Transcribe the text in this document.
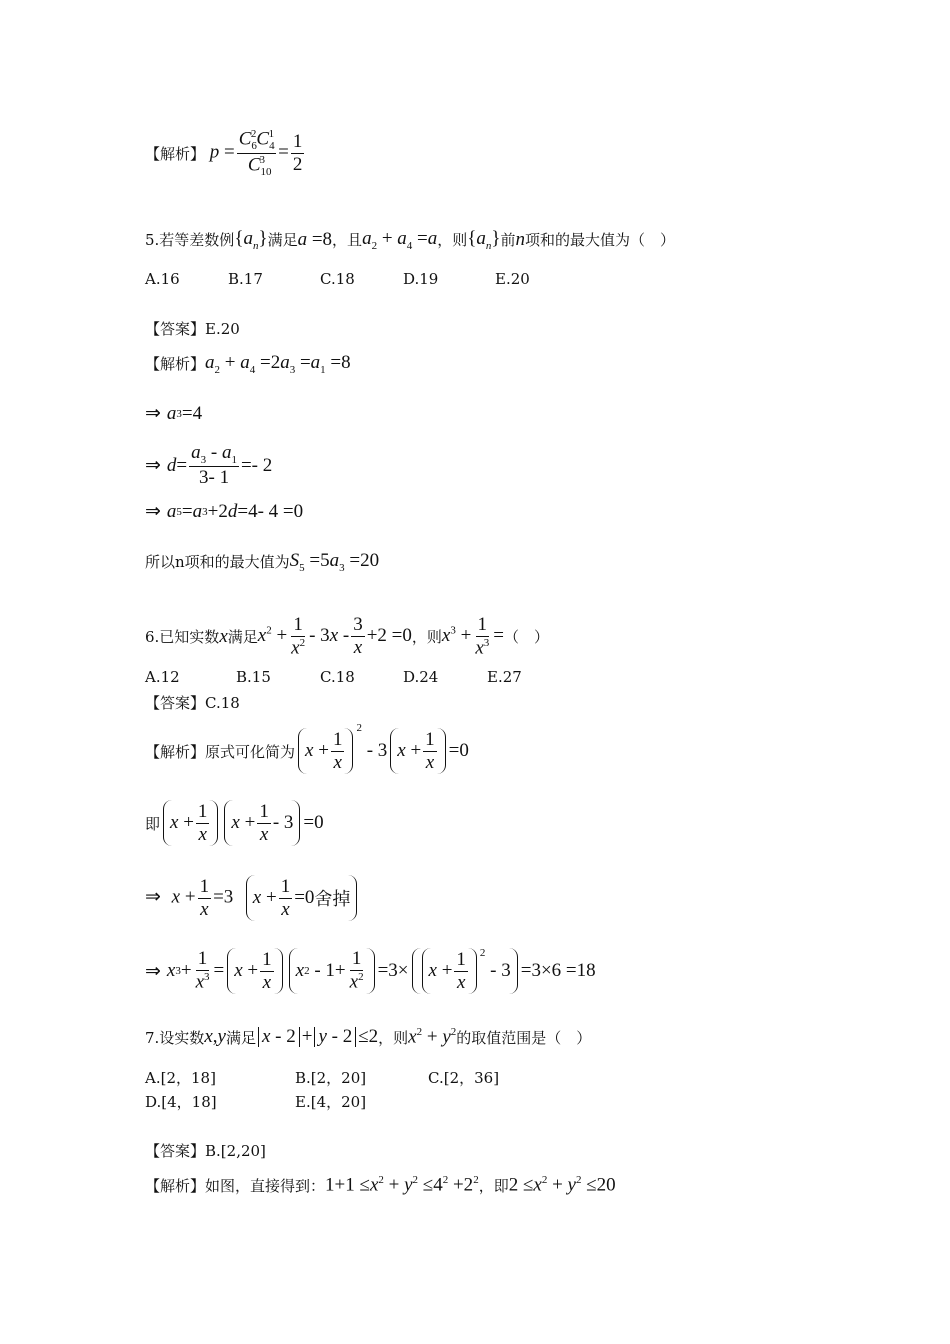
【解析】 $p = \frac{C_6^2C_4^1}{C_{10}^3} = \frac{1}{2}$
5.若等差数例 $\{a_n\}$ 满足 a =8 ，且 $a_2 + a_4 =a$ ，则 $\{a_n\}$ 前 n 项和的最大值为（　）
A.16	B.17	C.18	D.19	E.20
【答案】 E.20
【解析】 $a_2 + a_4 =2a_3 =a_1 =8$
⇒ a 3 =4
⇒ $d = \frac{a_3 - a_1}{3- 1} =- 2$
⇒ a 5 = a 3 +2 d =4- 4 =0
所以n项和的最大值为 $S_5 =5a_3 =20$
6.已知实数 x 满足 $x^2 + \frac{1}{x^2} - 3x - \frac{3}{x} +2 =0$ ，则 $x^3 + \frac{1}{x^3}$ = （　）
A.12	B.15	C.18	D.24	E.27
【答案】 C.18
【解析】 原式可化简为 $x + \frac{1}{x}$
$^2$ - 3 $x + \frac{1}{x} =0$
即 $x + \frac{1}{x}$ $x + \frac{1}{x} - 3 =0$
⇒ $x + \frac{1}{x} =3$ $x + \frac{1}{x} =0$ 舍掉
⇒ x $3 + \frac{1}{x^3} = x + \frac{1}{x}$ x $2 - 1+ \frac{1}{x^2} =3\times x + \frac{1}{x} ^2$
- 3 =3×6 =18
7.设实数 x , y 满足 x - 2 + y - 2 ≤2 ，则 $x^2 + y^2$ 的取值范围是（　）
A.[2，18]	B.[2，20]	C.[2，36]
D.[4，18]	E.[4，20]
【答案】 B.[2,20]
【解析】 如图，直接得到： $1+1 \le x^2 + y^2 \le 4^2 +2^2$ ，即 $2 \le x^2 + y^2 \le 20$
